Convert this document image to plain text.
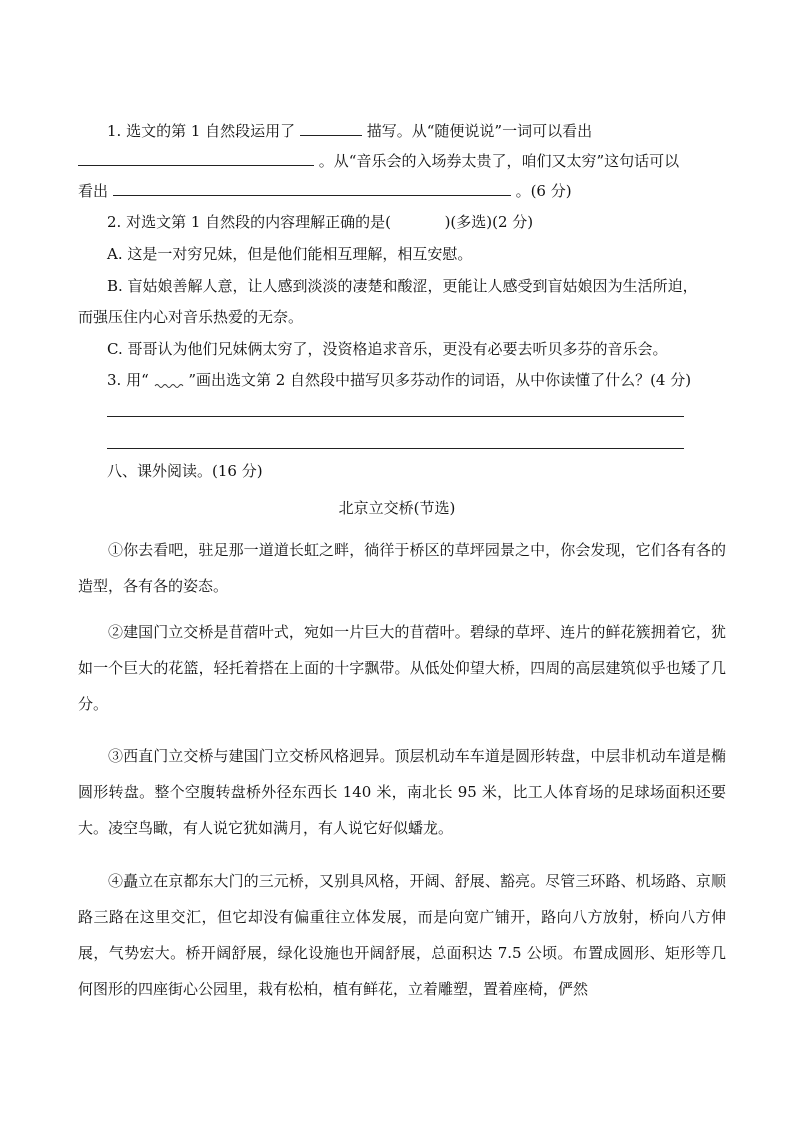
1. 选文的第 1 自然段运用了	描写。从“随便说说”一词可以看出
。从“音乐会的入场券太贵了，咱们又太穷”这句话可以
看出	。(6 分)
2. 对选文第 1 自然段的内容理解正确的是(	)(多选)(2 分)
A. 这是一对穷兄妹，但是他们能相互理解，相互安慰。
B. 盲姑娘善解人意，让人感到淡淡的凄楚和酸涩，更能让人感受到盲姑娘因为生活所迫，
而强压住内心对音乐热爱的无奈。
C. 哥哥认为他们兄妹俩太穷了，没资格追求音乐，更没有必要去听贝多芬的音乐会。
3. 用“	”画出选文第 2 自然段中描写贝多芬动作的词语，从中你读懂了什么？(4 分)
八、课外阅读。(16 分)
北京立交桥(节选)
①你去看吧，驻足那一道道长虹之畔，徜徉于桥区的草坪园景之中，你会发现，它们各有各的造型，各有各的姿态。
②建国门立交桥是苜蓿叶式，宛如一片巨大的苜蓿叶。碧绿的草坪、连片的鲜花簇拥着它，犹如一个巨大的花篮，轻托着搭在上面的十字飘带。从低处仰望大桥，四周的高层建筑似乎也矮了几分。
③西直门立交桥与建国门立交桥风格迥异。顶层机动车车道是圆形转盘，中层非机动车道是椭圆形转盘。整个空腹转盘桥外径东西长 140 米，南北长 95 米，比工人体育场的足球场面积还要大。凌空鸟瞰，有人说它犹如满月，有人说它好似蟠龙。
④矗立在京都东大门的三元桥，又别具风格，开阔、舒展、豁亮。尽管三环路、机场路、京顺路三路在这里交汇，但它却没有偏重往立体发展，而是向宽广铺开，路向八方放射，桥向八方伸展，气势宏大。桥开阔舒展，绿化设施也开阔舒展，总面积达 7.5 公顷。布置成圆形、矩形等几何图形的四座街心公园里，栽有松柏，植有鲜花，立着雕塑，置着座椅，俨然
